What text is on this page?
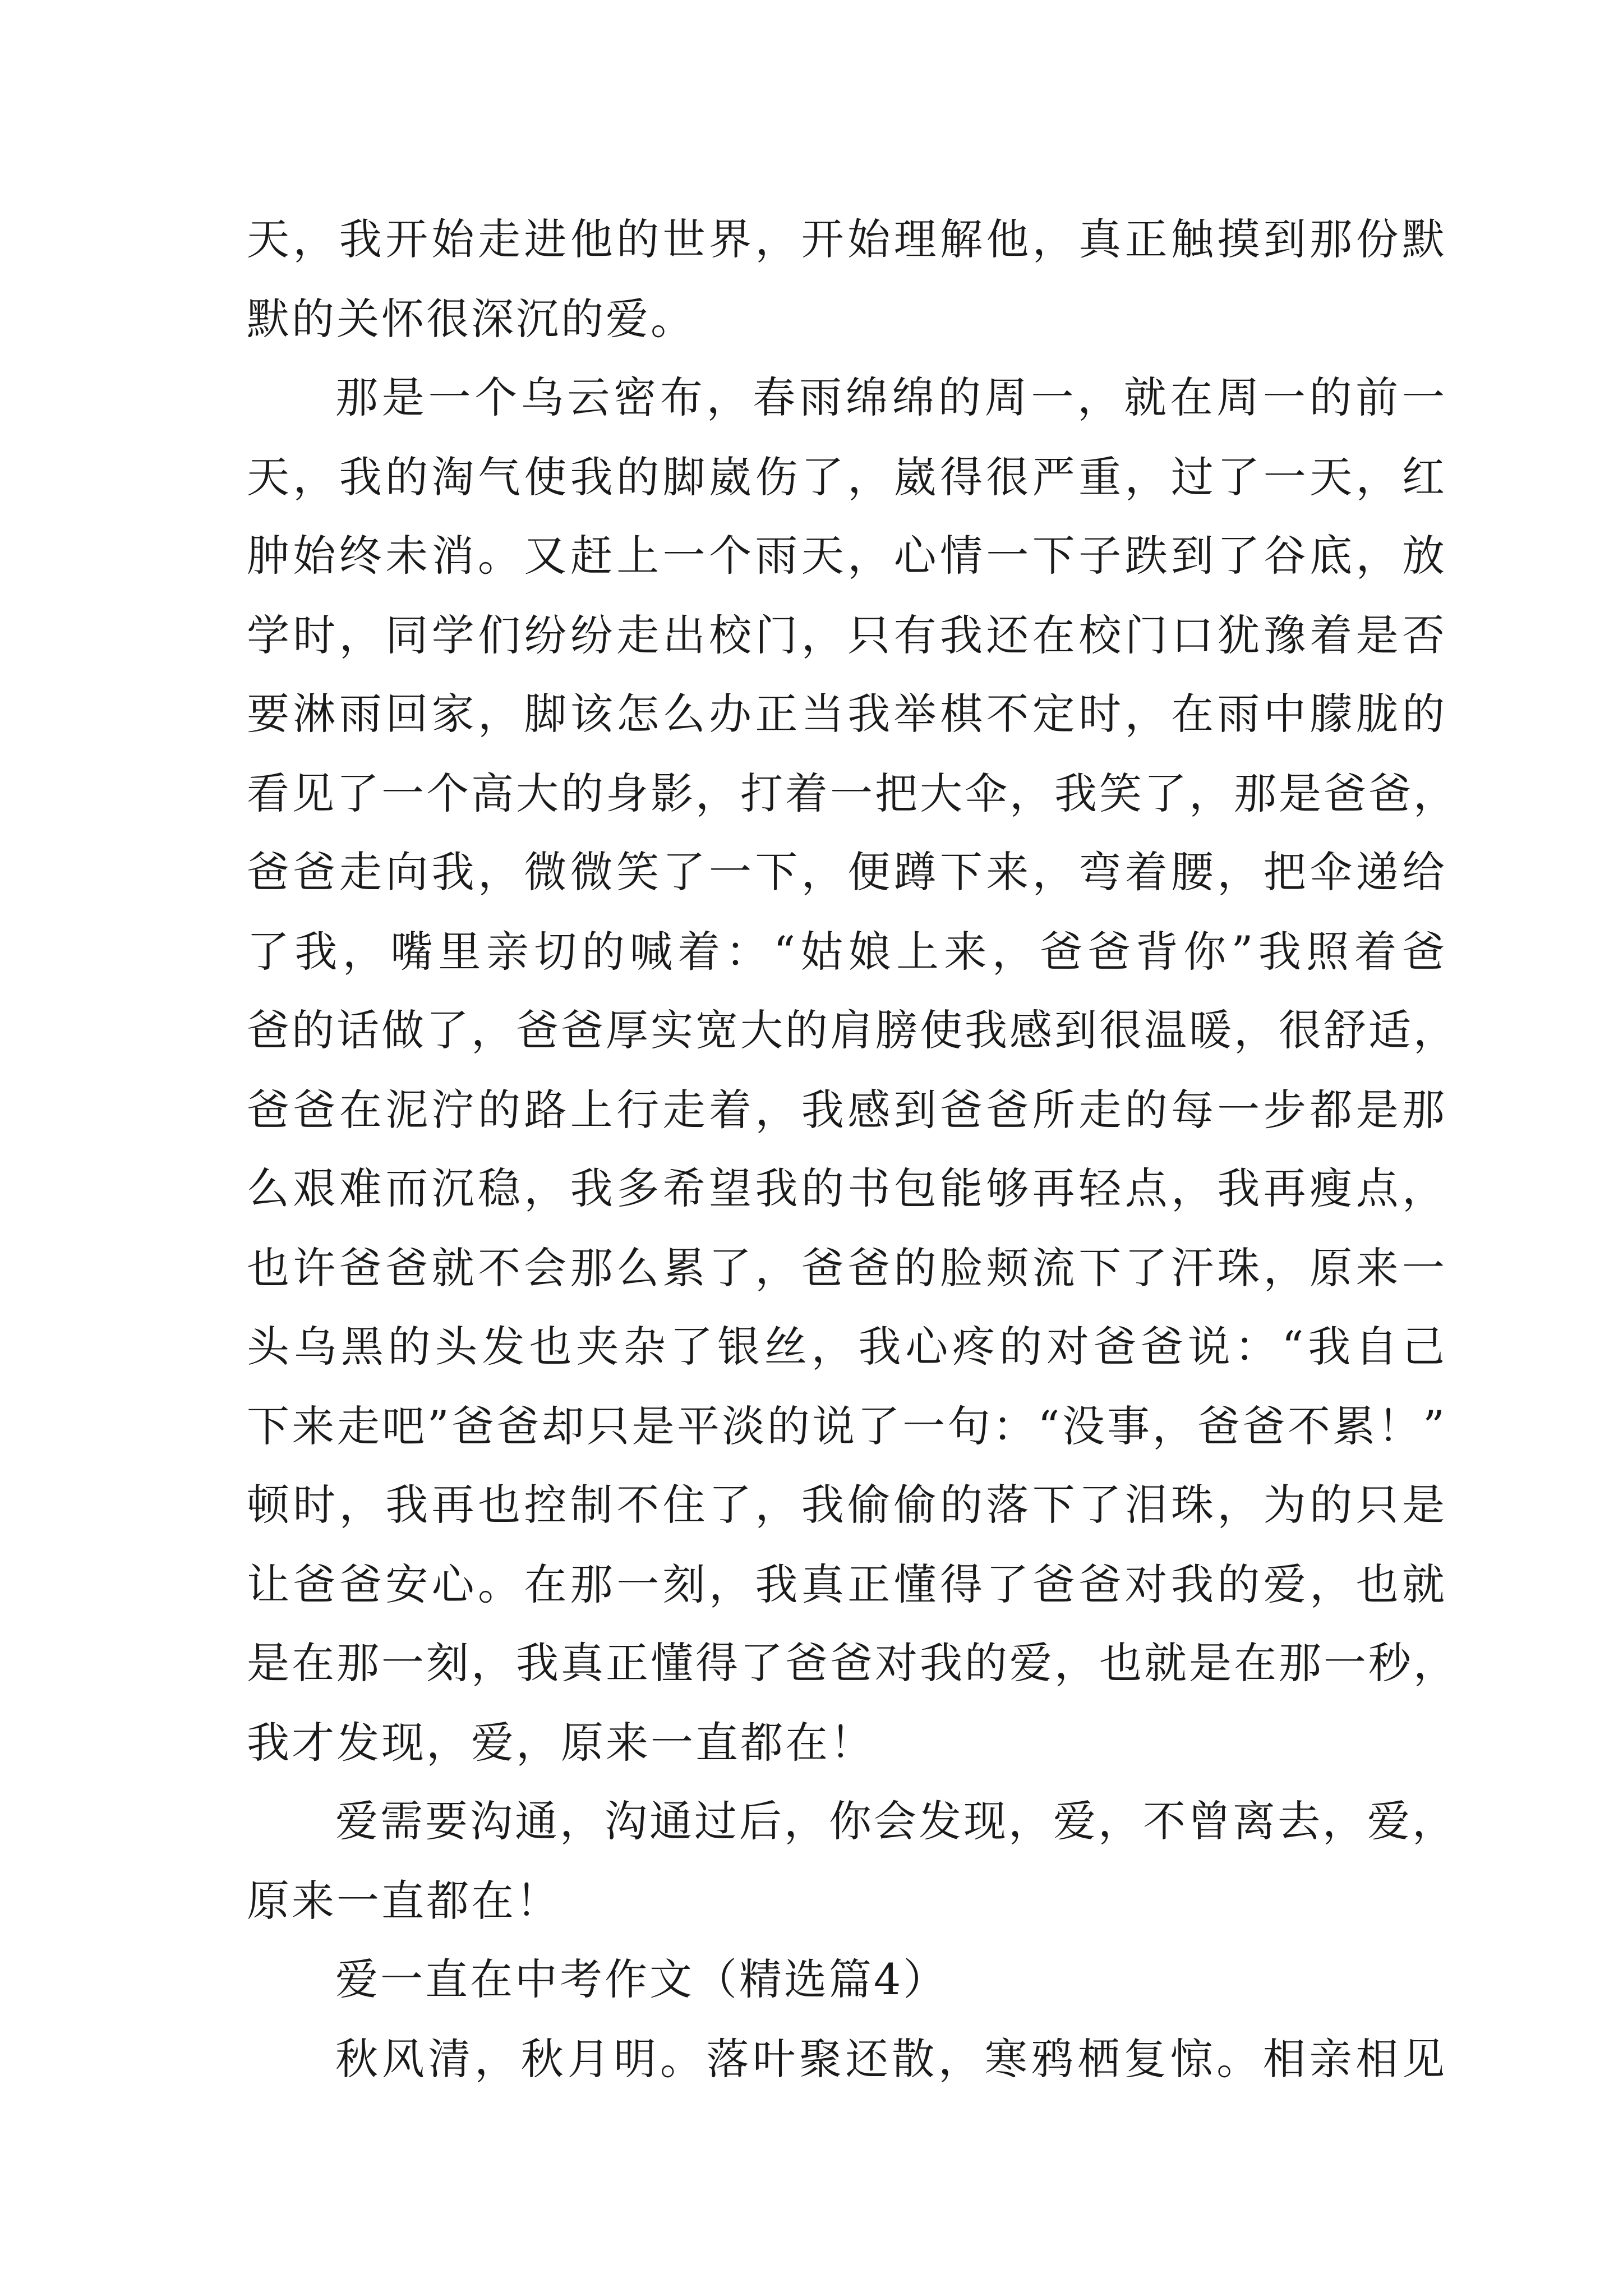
天，我开始走进他的世界，开始理解他，真正触摸到那份默
默的关怀很深沉的爱。
那是一个乌云密布，春雨绵绵的周一，就在周一的前一
天，我的淘气使我的脚崴伤了，崴得很严重，过了一天，红
肿始终未消。又赶上一个雨天，心情一下子跌到了谷底，放
学时，同学们纷纷走出校门，只有我还在校门口犹豫着是否
要淋雨回家，脚该怎么办正当我举棋不定时，在雨中朦胧的
看见了一个高大的身影，打着一把大伞，我笑了，那是爸爸，
爸爸走向我，微微笑了一下，便蹲下来，弯着腰，把伞递给
了我，嘴里亲切的喊着：“姑娘上来，爸爸背你”我照着爸
爸的话做了，爸爸厚实宽大的肩膀使我感到很温暖，很舒适，
爸爸在泥泞的路上行走着，我感到爸爸所走的每一步都是那
么艰难而沉稳，我多希望我的书包能够再轻点，我再瘦点，
也许爸爸就不会那么累了，爸爸的脸颊流下了汗珠，原来一
头乌黑的头发也夹杂了银丝，我心疼的对爸爸说：“我自己
下来走吧”爸爸却只是平淡的说了一句：“没事，爸爸不累！”
顿时，我再也控制不住了，我偷偷的落下了泪珠，为的只是
让爸爸安心。在那一刻，我真正懂得了爸爸对我的爱，也就
是在那一刻，我真正懂得了爸爸对我的爱，也就是在那一秒，
我才发现，爱，原来一直都在！
爱需要沟通，沟通过后，你会发现，爱，不曾离去，爱，
原来一直都在！
爱一直在中考作文（精选篇4）
秋风清，秋月明。落叶聚还散，寒鸦栖复惊。相亲相见
